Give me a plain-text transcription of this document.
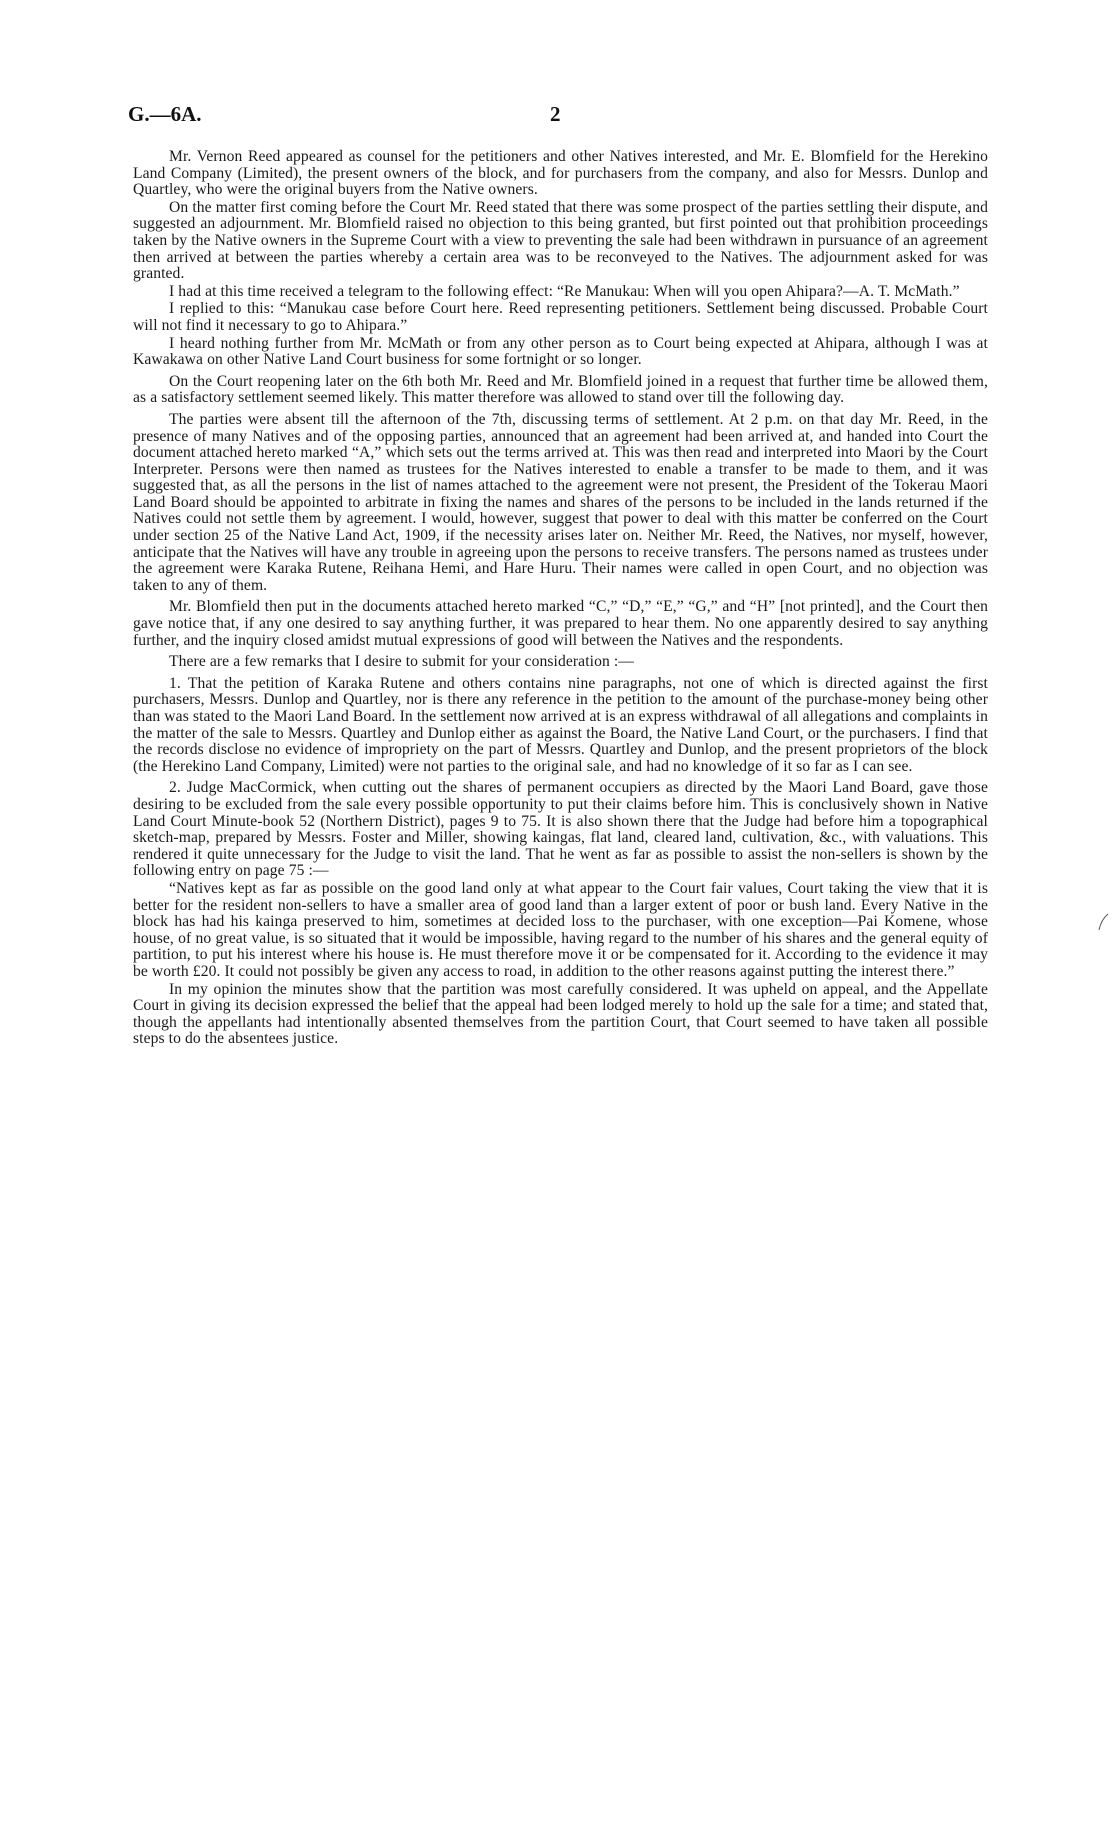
G.—6A.	2

Mr. Vernon Reed appeared as counsel for the petitioners and other Natives interested, and Mr. E. Blomfield for the Herekino Land Company (Limited), the present owners of the block, and for purchasers from the company, and also for Messrs. Dunlop and Quartley, who were the original buyers from the Native owners.

On the matter first coming before the Court Mr. Reed stated that there was some prospect of the parties settling their dispute, and suggested an adjournment. Mr. Blomfield raised no objection to this being granted, but first pointed out that prohibition proceedings taken by the Native owners in the Supreme Court with a view to preventing the sale had been withdrawn in pursuance of an agreement then arrived at between the parties whereby a certain area was to be reconveyed to the Natives. The adjournment asked for was granted.

I had at this time received a telegram to the following effect: “Re Manukau: When will you open Ahipara?—A. T. McMath.”

I replied to this: “Manukau case before Court here. Reed representing petitioners. Settlement being discussed. Probable Court will not find it necessary to go to Ahipara.”

I heard nothing further from Mr. McMath or from any other person as to Court being expected at Ahipara, although I was at Kawakawa on other Native Land Court business for some fortnight or so longer.

On the Court reopening later on the 6th both Mr. Reed and Mr. Blomfield joined in a request that further time be allowed them, as a satisfactory settlement seemed likely. This matter therefore was allowed to stand over till the following day.

The parties were absent till the afternoon of the 7th, discussing terms of settlement. At 2 p.m. on that day Mr. Reed, in the presence of many Natives and of the opposing parties, announced that an agreement had been arrived at, and handed into Court the document attached hereto marked “A,” which sets out the terms arrived at. This was then read and interpreted into Maori by the Court Interpreter. Persons were then named as trustees for the Natives interested to enable a transfer to be made to them, and it was suggested that, as all the persons in the list of names attached to the agreement were not present, the President of the Tokerau Maori Land Board should be appointed to arbitrate in fixing the names and shares of the persons to be included in the lands returned if the Natives could not settle them by agreement. I would, however, suggest that power to deal with this matter be conferred on the Court under section 25 of the Native Land Act, 1909, if the necessity arises later on. Neither Mr. Reed, the Natives, nor myself, however, anticipate that the Natives will have any trouble in agreeing upon the persons to receive transfers. The persons named as trustees under the agreement were Karaka Rutene, Reihana Hemi, and Hare Huru. Their names were called in open Court, and no objection was taken to any of them.

Mr. Blomfield then put in the documents attached hereto marked “C,” “D,” “E,” “G,” and “H” [not printed], and the Court then gave notice that, if any one desired to say anything further, it was prepared to hear them. No one apparently desired to say anything further, and the inquiry closed amidst mutual expressions of good will between the Natives and the respondents.

There are a few remarks that I desire to submit for your consideration :—

1. That the petition of Karaka Rutene and others contains nine paragraphs, not one of which is directed against the first purchasers, Messrs. Dunlop and Quartley, nor is there any reference in the petition to the amount of the purchase-money being other than was stated to the Maori Land Board. In the settlement now arrived at is an express withdrawal of all allegations and complaints in the matter of the sale to Messrs. Quartley and Dunlop either as against the Board, the Native Land Court, or the purchasers. I find that the records disclose no evidence of impropriety on the part of Messrs. Quartley and Dunlop, and the present proprietors of the block (the Herekino Land Company, Limited) were not parties to the original sale, and had no knowledge of it so far as I can see.

2. Judge MacCormick, when cutting out the shares of permanent occupiers as directed by the Maori Land Board, gave those desiring to be excluded from the sale every possible opportunity to put their claims before him. This is conclusively shown in Native Land Court Minute-book 52 (Northern District), pages 9 to 75. It is also shown there that the Judge had before him a topographical sketch-map, prepared by Messrs. Foster and Miller, showing kaingas, flat land, cleared land, cultivation, &c., with valuations. This rendered it quite unnecessary for the Judge to visit the land. That he went as far as possible to assist the non-sellers is shown by the following entry on page 75 :—

“Natives kept as far as possible on the good land only at what appear to the Court fair values, Court taking the view that it is better for the resident non-sellers to have a smaller area of good land than a larger extent of poor or bush land. Every Native in the block has had his kainga preserved to him, sometimes at decided loss to the purchaser, with one exception—Pai Komene, whose house, of no great value, is so situated that it would be impossible, having regard to the number of his shares and the general equity of partition, to put his interest where his house is. He must therefore move it or be compensated for it. According to the evidence it may be worth £20. It could not possibly be given any access to road, in addition to the other reasons against putting the interest there.”

In my opinion the minutes show that the partition was most carefully considered. It was upheld on appeal, and the Appellate Court in giving its decision expressed the belief that the appeal had been lodged merely to hold up the sale for a time; and stated that, though the appellants had intentionally absented themselves from the partition Court, that Court seemed to have taken all possible steps to do the absentees justice.
